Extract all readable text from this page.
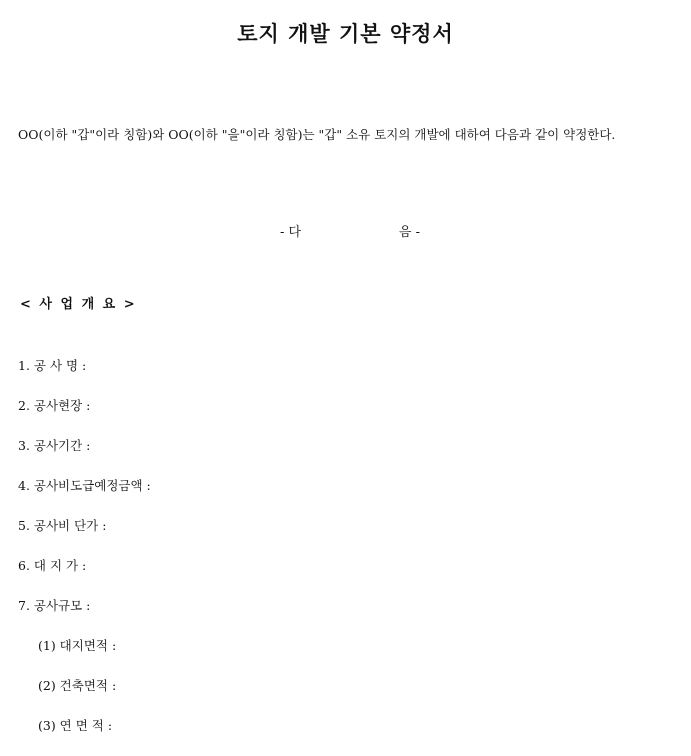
토지 개발 기본 약정서
OO(이하 "갑"이라 칭함)와 OO(이하 "을"이라 칭함)는 "갑" 소유 토지의 개발에 대하여 다음과 같이 약정한다.
- 다	음 -
< 사 업 개 요 >
1. 공 사 명 :
2. 공사현장 :
3. 공사기간 :
4. 공사비도급예정금액 :
5. 공사비 단가 :
6. 대 지 가 :
7. 공사규모 :
(1) 대지면적 :
(2) 건축면적 :
(3) 연 면 적 :
